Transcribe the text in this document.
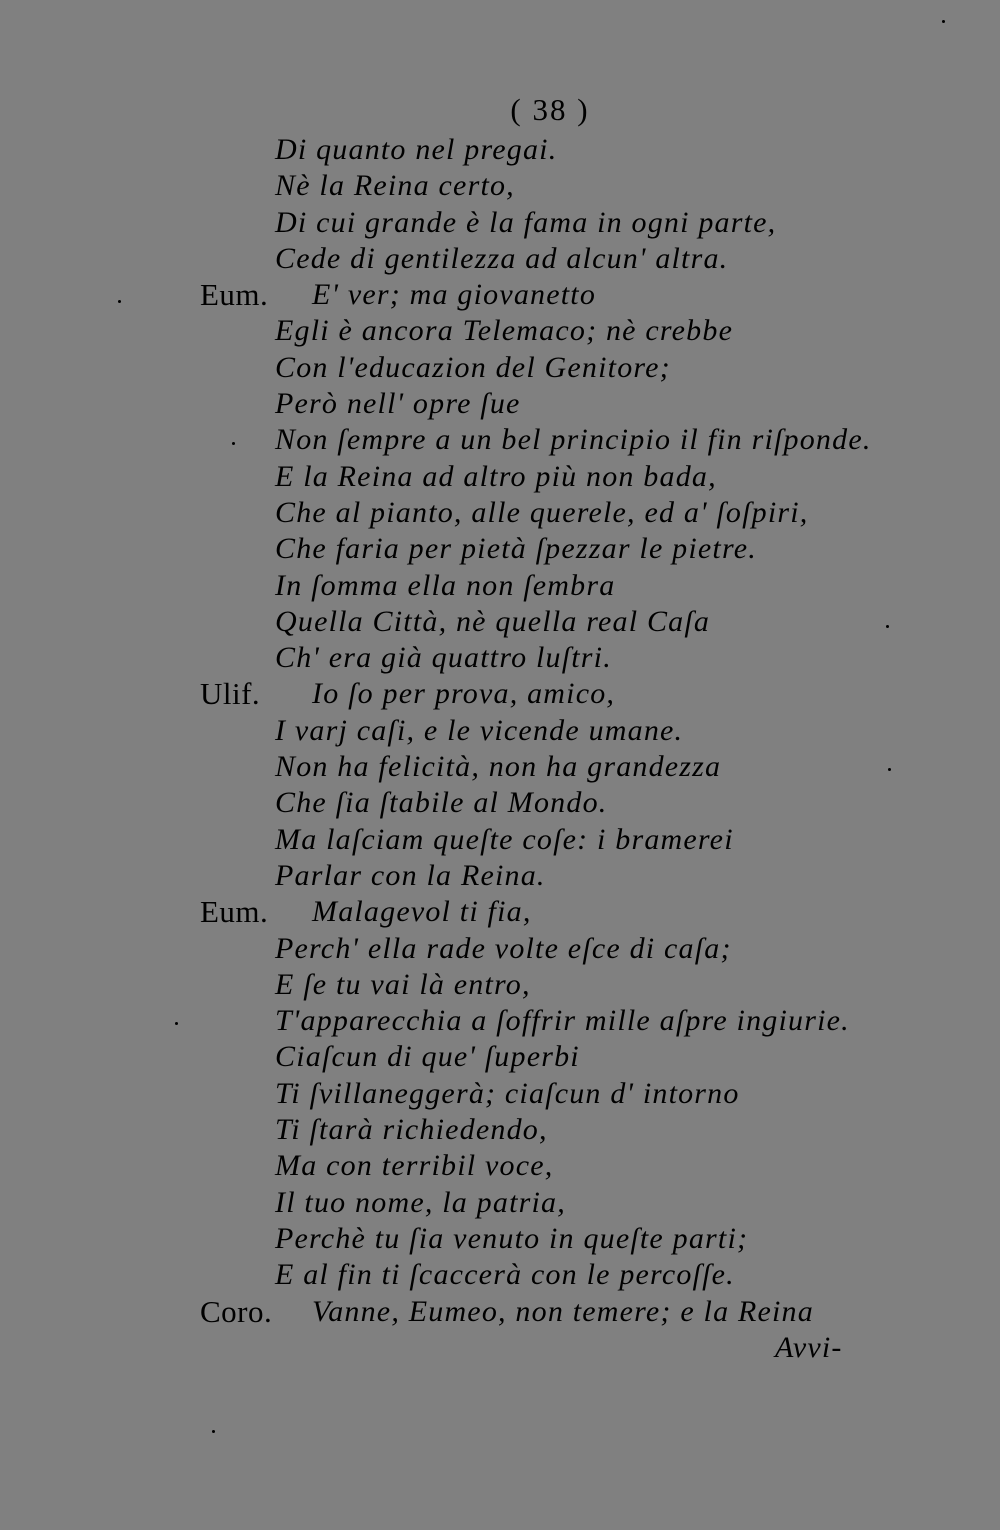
( 38 )
Di quanto nel pregai.
Nè la Reina certo,
Di cui grande è la fama in ogni parte,
Cede di gentilezza ad alcun' altra.
Eum. E' ver; ma giovanetto
Egli è ancora Telemaco; nè crebbe
Con l'educazion del Genitore;
Però nell' opre ſue
Non ſempre a un bel principio il fin riſponde.
E la Reina ad altro più non bada,
Che al pianto, alle querele, ed a' ſoſpiri,
Che faria per pietà ſpezzar le pietre.
In ſomma ella non ſembra
Quella Città, nè quella real Caſa
Ch' era già quattro luſtri.
Ulif. Io ſo per prova, amico,
I varj caſi, e le vicende umane.
Non ha felicità, non ha grandezza
Che ſia ſtabile al Mondo.
Ma laſciam queſte coſe: i bramerei
Parlar con la Reina.
Eum. Malagevol ti fia,
Perch' ella rade volte eſce di caſa;
E ſe tu vai là entro,
T'apparecchia a ſoffrir mille aſpre ingiurie.
Ciaſcun di que' ſuperbi
Ti ſvillaneggerà; ciaſcun d' intorno
Ti ſtarà richiedendo,
Ma con terribil voce,
Il tuo nome, la patria,
Perchè tu ſia venuto in queſte parti;
E al fin ti ſcaccerà con le percoſſe.
Coro. Vanne, Eumeo, non temere; e la Reina
Avvi-
